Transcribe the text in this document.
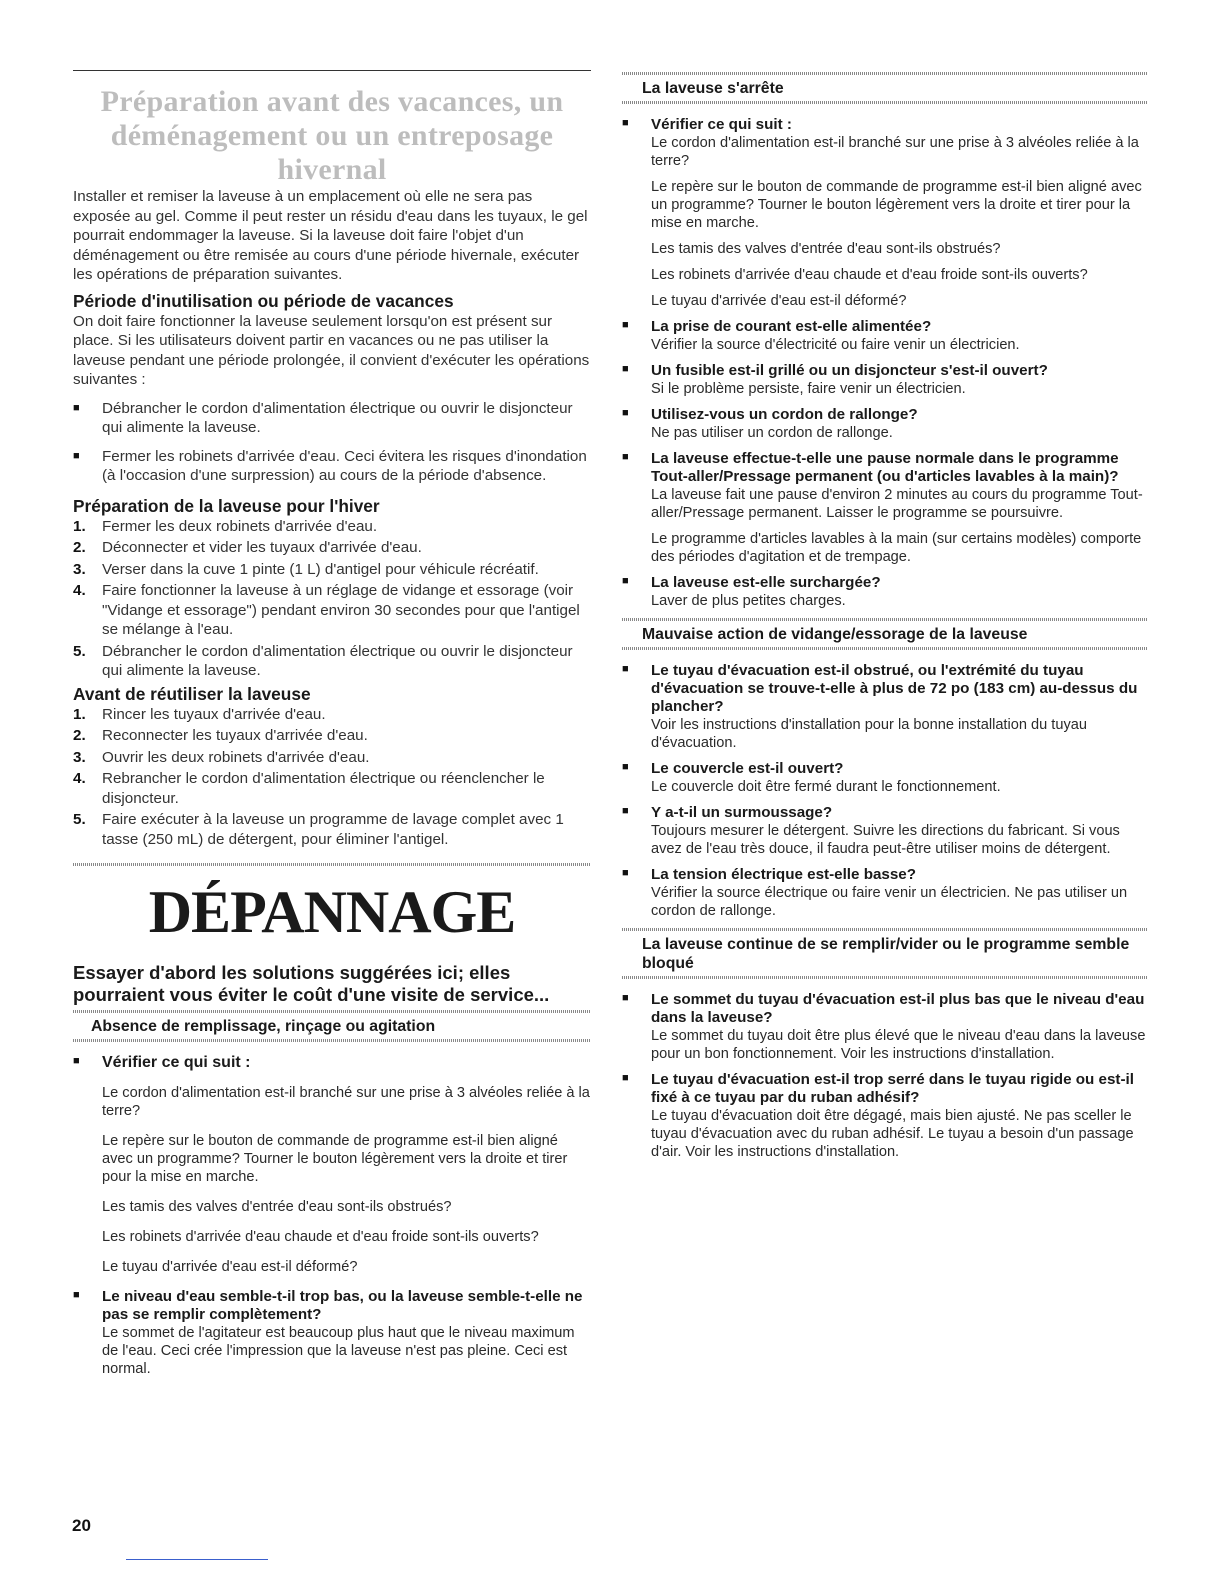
Préparation avant des vacances, un
déménagement ou un entreposage hivernal

Installer et remiser la laveuse à un emplacement où elle ne sera pas exposée au gel. Comme il peut rester un résidu d'eau dans les tuyaux, le gel pourrait endommager la laveuse. Si la laveuse doit faire l'objet d'un déménagement ou être remisée au cours d'une période hivernale, exécuter les opérations de préparation suivantes.

Période d'inutilisation ou période de vacances

On doit faire fonctionner la laveuse seulement lorsqu'on est présent sur place. Si les utilisateurs doivent partir en vacances ou ne pas utiliser la laveuse pendant une période prolongée, il convient d'exécuter les opérations suivantes :

■ Débrancher le cordon d'alimentation électrique ou ouvrir le disjoncteur qui alimente la laveuse.
■ Fermer les robinets d'arrivée d'eau. Ceci évitera les risques d'inondation (à l'occasion d'une surpression) au cours de la période d'absence.
Préparation de la laveuse pour l'hiver
1. Fermer les deux robinets d'arrivée d'eau.
2. Déconnecter et vider les tuyaux d'arrivée d'eau.
3. Verser dans la cuve 1 pinte (1 L) d'antigel pour véhicule récréatif.
4. Faire fonctionner la laveuse à un réglage de vidange et essorage (voir "Vidange et essorage") pendant environ 30 secondes pour que l'antigel se mélange à l'eau.
5. Débrancher le cordon d'alimentation électrique ou ouvrir le disjoncteur qui alimente la laveuse.
Avant de réutiliser la laveuse
1. Rincer les tuyaux d'arrivée d'eau.
2. Reconnecter les tuyaux d'arrivée d'eau.
3. Ouvrir les deux robinets d'arrivée d'eau.
4. Rebrancher le cordon d'alimentation électrique ou réenclencher le disjoncteur.
5. Faire exécuter à la laveuse un programme de lavage complet avec 1 tasse (250 mL) de détergent, pour éliminer l'antigel.
DÉPANNAGE

Essayer d'abord les solutions suggérées ici; elles pourraient vous éviter le coût d'une visite de service...

Absence de remplissage, rinçage ou agitation
■ Vérifier ce qui suit :
Le cordon d'alimentation est-il branché sur une prise à 3 alvéoles reliée à la terre?
Le repère sur le bouton de commande de programme est-il bien aligné avec un programme? Tourner le bouton légèrement vers la droite et tirer pour la mise en marche.
Les tamis des valves d'entrée d'eau sont-ils obstrués?
Les robinets d'arrivée d'eau chaude et d'eau froide sont-ils ouverts?
Le tuyau d'arrivée d'eau est-il déformé?
■ Le niveau d'eau semble-t-il trop bas, ou la laveuse semble-t-elle ne pas se remplir complètement?
Le sommet de l'agitateur est beaucoup plus haut que le niveau maximum de l'eau. Ceci crée l'impression que la laveuse n'est pas pleine. Ceci est normal.
La laveuse s'arrête
■ Vérifier ce qui suit :
Le cordon d'alimentation est-il branché sur une prise à 3 alvéoles reliée à la terre?
Le repère sur le bouton de commande de programme est-il bien aligné avec un programme? Tourner le bouton légèrement vers la droite et tirer pour la mise en marche.
Les tamis des valves d'entrée d'eau sont-ils obstrués?
Les robinets d'arrivée d'eau chaude et d'eau froide sont-ils ouverts?
Le tuyau d'arrivée d'eau est-il déformé?
■ La prise de courant est-elle alimentée?
Vérifier la source d'électricité ou faire venir un électricien.
■ Un fusible est-il grillé ou un disjoncteur s'est-il ouvert?
Si le problème persiste, faire venir un électricien.
■ Utilisez-vous un cordon de rallonge?
Ne pas utiliser un cordon de rallonge.
■ La laveuse effectue-t-elle une pause normale dans le programme Tout-aller/Pressage permanent (ou d'articles lavables à la main)?
La laveuse fait une pause d'environ 2 minutes au cours du programme Tout-aller/Pressage permanent. Laisser le programme se poursuivre.
Le programme d'articles lavables à la main (sur certains modèles) comporte des périodes d'agitation et de trempage.
■ La laveuse est-elle surchargée?
Laver de plus petites charges.
Mauvaise action de vidange/essorage de la laveuse
■ Le tuyau d'évacuation est-il obstrué, ou l'extrémité du tuyau d'évacuation se trouve-t-elle à plus de 72 po (183 cm) au-dessus du plancher?
Voir les instructions d'installation pour la bonne installation du tuyau d'évacuation.
■ Le couvercle est-il ouvert?
Le couvercle doit être fermé durant le fonctionnement.
■ Y a-t-il un surmoussage?
Toujours mesurer le détergent. Suivre les directions du fabricant. Si vous avez de l'eau très douce, il faudra peut-être utiliser moins de détergent.
■ La tension électrique est-elle basse?
Vérifier la source électrique ou faire venir un électricien. Ne pas utiliser un cordon de rallonge.
La laveuse continue de se remplir/vider ou le programme semble bloqué
■ Le sommet du tuyau d'évacuation est-il plus bas que le niveau d'eau dans la laveuse?
Le sommet du tuyau doit être plus élevé que le niveau d'eau dans la laveuse pour un bon fonctionnement. Voir les instructions d'installation.
■ Le tuyau d'évacuation est-il trop serré dans le tuyau rigide ou est-il fixé à ce tuyau par du ruban adhésif?
Le tuyau d'évacuation doit être dégagé, mais bien ajusté. Ne pas sceller le tuyau d'évacuation avec du ruban adhésif. Le tuyau a besoin d'un passage d'air. Voir les instructions d'installation.
20
